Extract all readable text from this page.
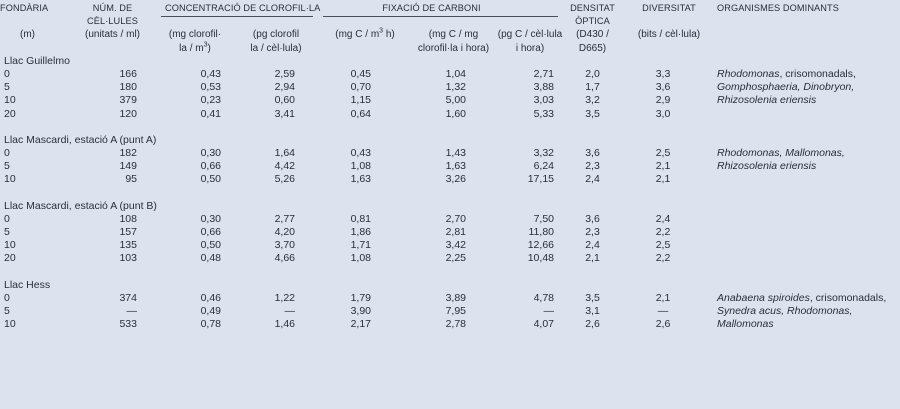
FONDÀRIA	NÚM. DE	CONCENTRACIÓ DE CLOROFIL·LA		FIXACIÓ DE CARBONI			DENSITAT	DIVERSITAT	ORGANISMES DOMINANTS
	CÈL·LULES						ÒPTICA		
(m)	(unitats / ml)	(mg clorofil·	(pg clorofil	(mg C / $m^3$ h)	(mg C / mg	(pg C / cèl·lula	(D430 /	(bits / cèl·lula)	
		la / $m^3$)	la / cèl·lula)		clorofil·la i hora)	i hora)	D665)		
Llac Guillelmo									
0	166	0,43	2,59	0,45	1,04	2,71	2,0	3,3	Rhodomonas, crisomonadals,
5	180	0,53	2,94	0,70	1,32	3,88	1,7	3,6	Gomphosphaeria, Dinobryon,
10	379	0,23	0,60	1,15	5,00	3,03	3,2	2,9	Rhizosolenia eriensis
20	120	0,41	3,41	0,64	1,60	5,33	3,5	3,0	

Llac Mascardi, estació A (punt A)									
0	182	0,30	1,64	0,43	1,43	3,32	3,6	2,5	Rhodomonas, Mallomonas,
5	149	0,66	4,42	1,08	1,63	6,24	2,3	2,1	Rhizosolenia eriensis
10	95	0,50	5,26	1,63	3,26	17,15	2,4	2,1	

Llac Mascardi, estació A (punt B)									
0	108	0,30	2,77	0,81	2,70	7,50	3,6	2,4	
5	157	0,66	4,20	1,86	2,81	11,80	2,3	2,2	
10	135	0,50	3,70	1,71	3,42	12,66	2,4	2,5	
20	103	0,48	4,66	1,08	2,25	10,48	2,1	2,2	

Llac Hess									
0	374	0,46	1,22	1,79	3,89	4,78	3,5	2,1	Anabaena spiroides, crisomonadals,
5	—	0,49	—	3,90	7,95	—	3,1	—	Synedra acus, Rhodomonas,
10	533	0,78	1,46	2,17	2,78	4,07	2,6	2,6	Mallomonas
